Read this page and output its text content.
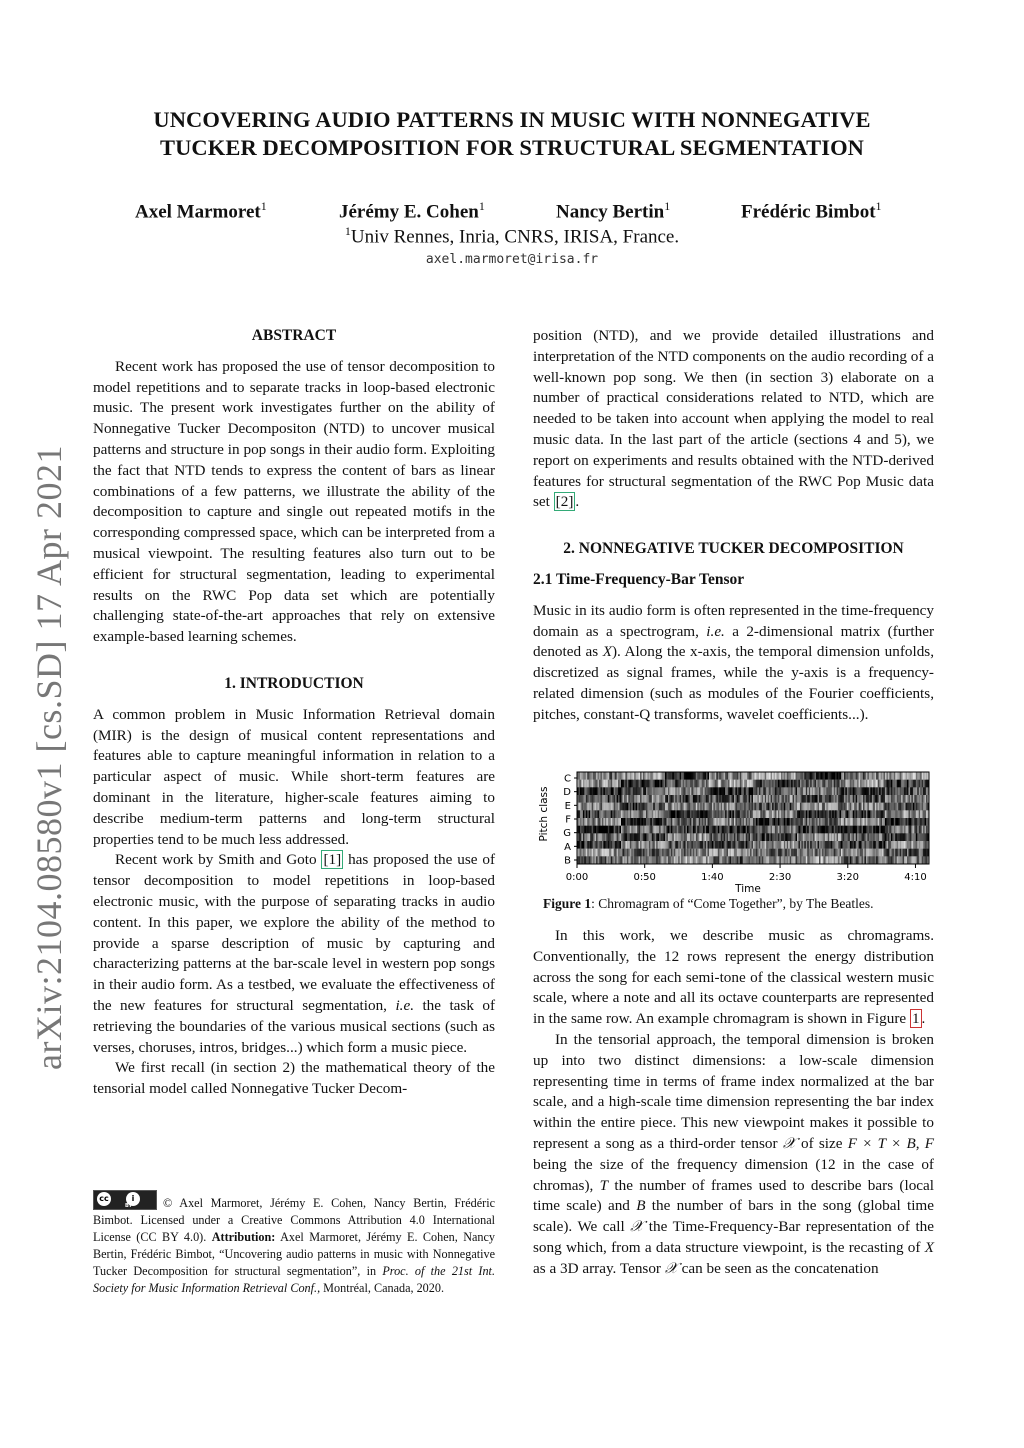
UNCOVERING AUDIO PATTERNS IN MUSIC WITH NONNEGATIVE
TUCKER DECOMPOSITION FOR STRUCTURAL SEGMENTATION
Axel Marmoret$^1$	Jérémy E. Cohen$^1$	Nancy Bertin$^1$	Frédéric Bimbot$^1$
$^1$Univ Rennes, Inria, CNRS, IRISA, France.
axel.marmoret@irisa.fr
arXiv:2104.08580v1 [cs.SD] 17 Apr 2021
ABSTRACT

Recent work has proposed the use of tensor decomposition to model repetitions and to separate tracks in loop-based electronic music. The present work investigates further on the ability of Nonnegative Tucker Decompositon (NTD) to uncover musical patterns and structure in pop songs in their audio form. Exploiting the fact that NTD tends to express the content of bars as linear combinations of a few patterns, we illustrate the ability of the decomposition to capture and single out repeated motifs in the corresponding compressed space, which can be interpreted from a musical viewpoint. The resulting features also turn out to be efficient for structural segmentation, leading to experimental results on the RWC Pop data set which are potentially challenging state-of-the-art approaches that rely on extensive example-based learning schemes.

1. INTRODUCTION

A common problem in Music Information Retrieval domain (MIR) is the design of musical content representations and features able to capture meaningful information in relation to a particular aspect of music. While short-term features are dominant in the literature, higher-scale features aiming to describe medium-term patterns and long-term structural properties tend to be much less addressed.

Recent work by Smith and Goto [1] has proposed the use of tensor decomposition to model repetitions in loop-based electronic music, with the purpose of separating tracks in audio content. In this paper, we explore the ability of the method to provide a sparse description of music by capturing and characterizing patterns at the bar-scale level in western pop songs in their audio form. As a testbed, we evaluate the effectiveness of the new features for structural segmentation, i.e. the task of retrieving the boundaries of the various musical sections (such as verses, choruses, intros, bridges...) which form a music piece.

We first recall (in section 2) the mathematical theory of the tensorial model called Nonnegative Tucker Decom-

cc	i
BY	© Axel Marmoret, Jérémy E. Cohen, Nancy Bertin, Frédéric Bimbot. Licensed under a Creative Commons Attribution 4.0 International License (CC BY 4.0). Attribution: Axel Marmoret, Jérémy E. Cohen, Nancy Bertin, Frédéric Bimbot, “Uncovering audio patterns in music with Nonnegative Tucker Decomposition for structural segmentation”, in Proc. of the 21st Int. Society for Music Information Retrieval Conf., Montréal, Canada, 2020.

position (NTD), and we provide detailed illustrations and interpretation of the NTD components on the audio recording of a well-known pop song. We then (in section 3) elaborate on a number of practical considerations related to NTD, which are needed to be taken into account when applying the model to real music data. In the last part of the article (sections 4 and 5), we report on experiments and results obtained with the NTD-derived features for structural segmentation of the RWC Pop Music data set [2] .

2. NONNEGATIVE TUCKER DECOMPOSITION
2.1 Time-Frequency-Bar Tensor

Music in its audio form is often represented in the time-frequency domain as a spectrogram, i.e. a 2-dimensional matrix (further denoted as X). Along the x-axis, the temporal dimension unfolds, discretized as signal frames, while the y-axis is a frequency-related dimension (such as modules of the Fourier coefficients, pitches, constant-Q transforms, wavelet coefficients...).

Pitch class
C
D
E
F
G
A
B
0:00	0:50	1:40	2:30	3:20	4:10
Time
Figure 1: Chromagram of “Come Together”, by The Beatles.

In this work, we describe music as chromagrams. Conventionally, the 12 rows represent the energy distribution across the song for each semi-tone of the classical western music scale, where a note and all its octave counterparts are represented in the same row. An example chromagram is shown in Figure 1 .

In the tensorial approach, the temporal dimension is broken up into two distinct dimensions: a low-scale dimension representing time in terms of frame index normalized at the bar scale, and a high-scale time dimension representing the bar index within the entire piece. This new viewpoint makes it possible to represent a song as a third-order tensor 𝒳 of size F × T × B, F being the size of the frequency dimension (12 in the case of chromas), T the number of frames used to describe bars (local time scale) and B the number of bars in the song (global time scale). We call 𝒳 the Time-Frequency-Bar representation of the song which, from a data structure viewpoint, is the recasting of X as a 3D array. Tensor 𝒳 can be seen as the concatenation
